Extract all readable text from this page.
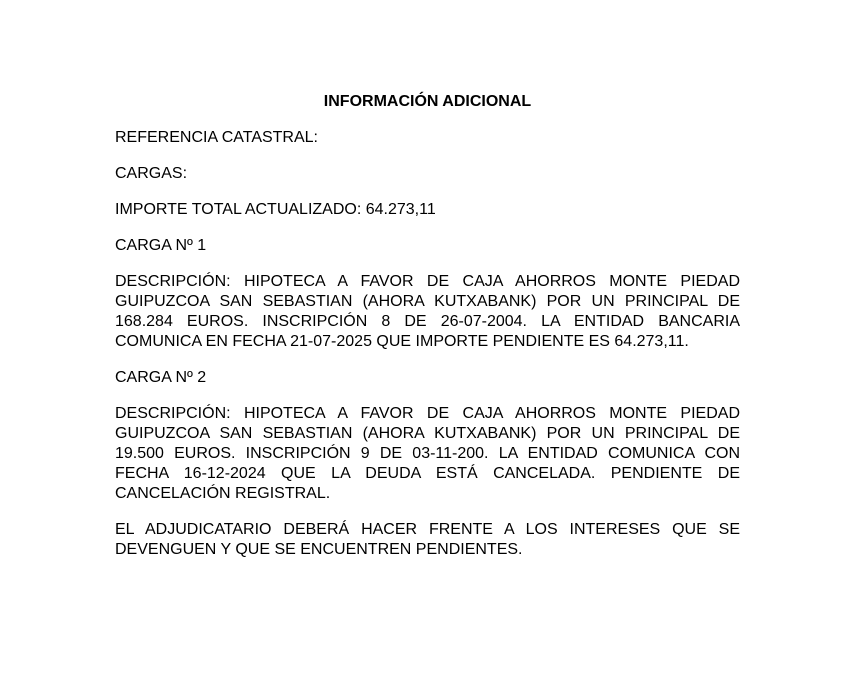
INFORMACIÓN ADICIONAL

REFERENCIA CATASTRAL:

CARGAS:

IMPORTE TOTAL ACTUALIZADO: 64.273,11

CARGA Nº 1

DESCRIPCIÓN: HIPOTECA A FAVOR DE CAJA AHORROS MONTE PIEDAD GUIPUZCOA SAN SEBASTIAN (AHORA KUTXABANK) POR UN PRINCIPAL DE 168.284 EUROS. INSCRIPCIÓN 8 DE 26-07-2004. LA ENTIDAD BANCARIA COMUNICA EN FECHA 21-07-2025 QUE IMPORTE PENDIENTE ES 64.273,11.

CARGA Nº 2

DESCRIPCIÓN: HIPOTECA A FAVOR DE CAJA AHORROS MONTE PIEDAD GUIPUZCOA SAN SEBASTIAN (AHORA KUTXABANK) POR UN PRINCIPAL DE 19.500 EUROS. INSCRIPCIÓN 9 DE 03-11-200. LA ENTIDAD COMUNICA CON FECHA 16-12-2024 QUE LA DEUDA ESTÁ CANCELADA. PENDIENTE DE CANCELACIÓN REGISTRAL.

EL ADJUDICATARIO DEBERÁ HACER FRENTE A LOS INTERESES QUE SE DEVENGUEN Y QUE SE ENCUENTREN PENDIENTES.
